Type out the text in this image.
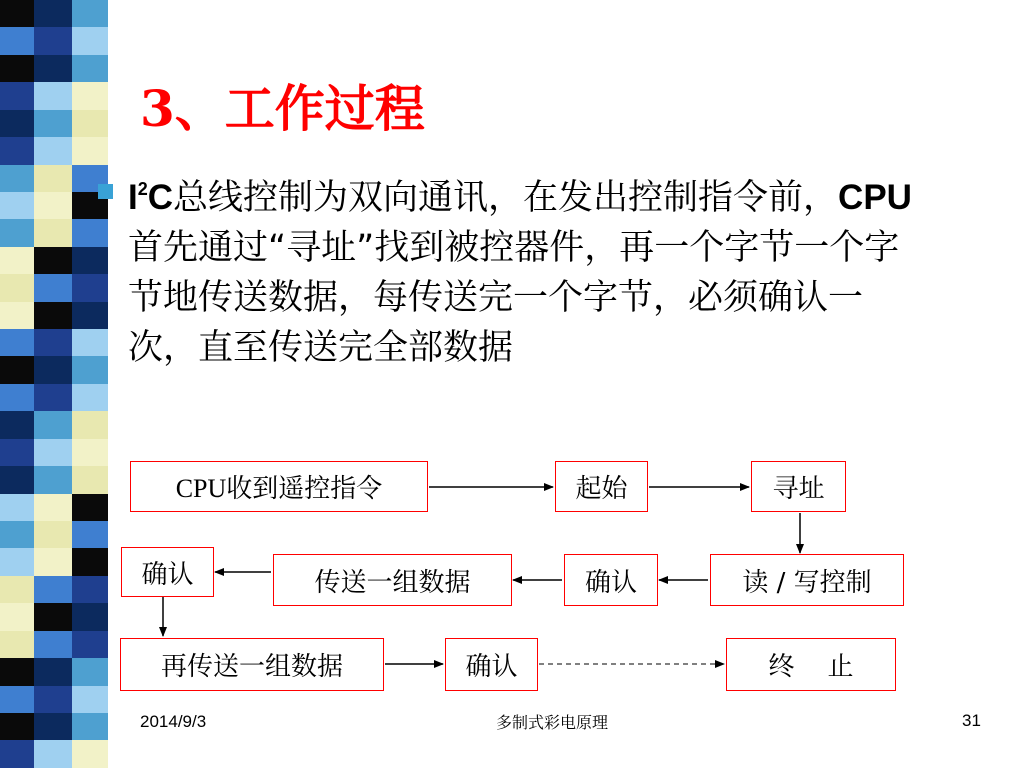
3、工作过程

$I^2C$总线控制为双向通讯，在发出控制指令前，CPU首先通过“寻址”找到被控器件，再一个字节一个字节地传送数据，每传送完一个字节，必须确认一次，直至传送完全部数据

CPU收到遥控指令	起始	寻址
确认	传送一组数据	确认	读 / 写控制
再传送一组数据	确认	终    止
2014/9/3	多制式彩电原理	31
